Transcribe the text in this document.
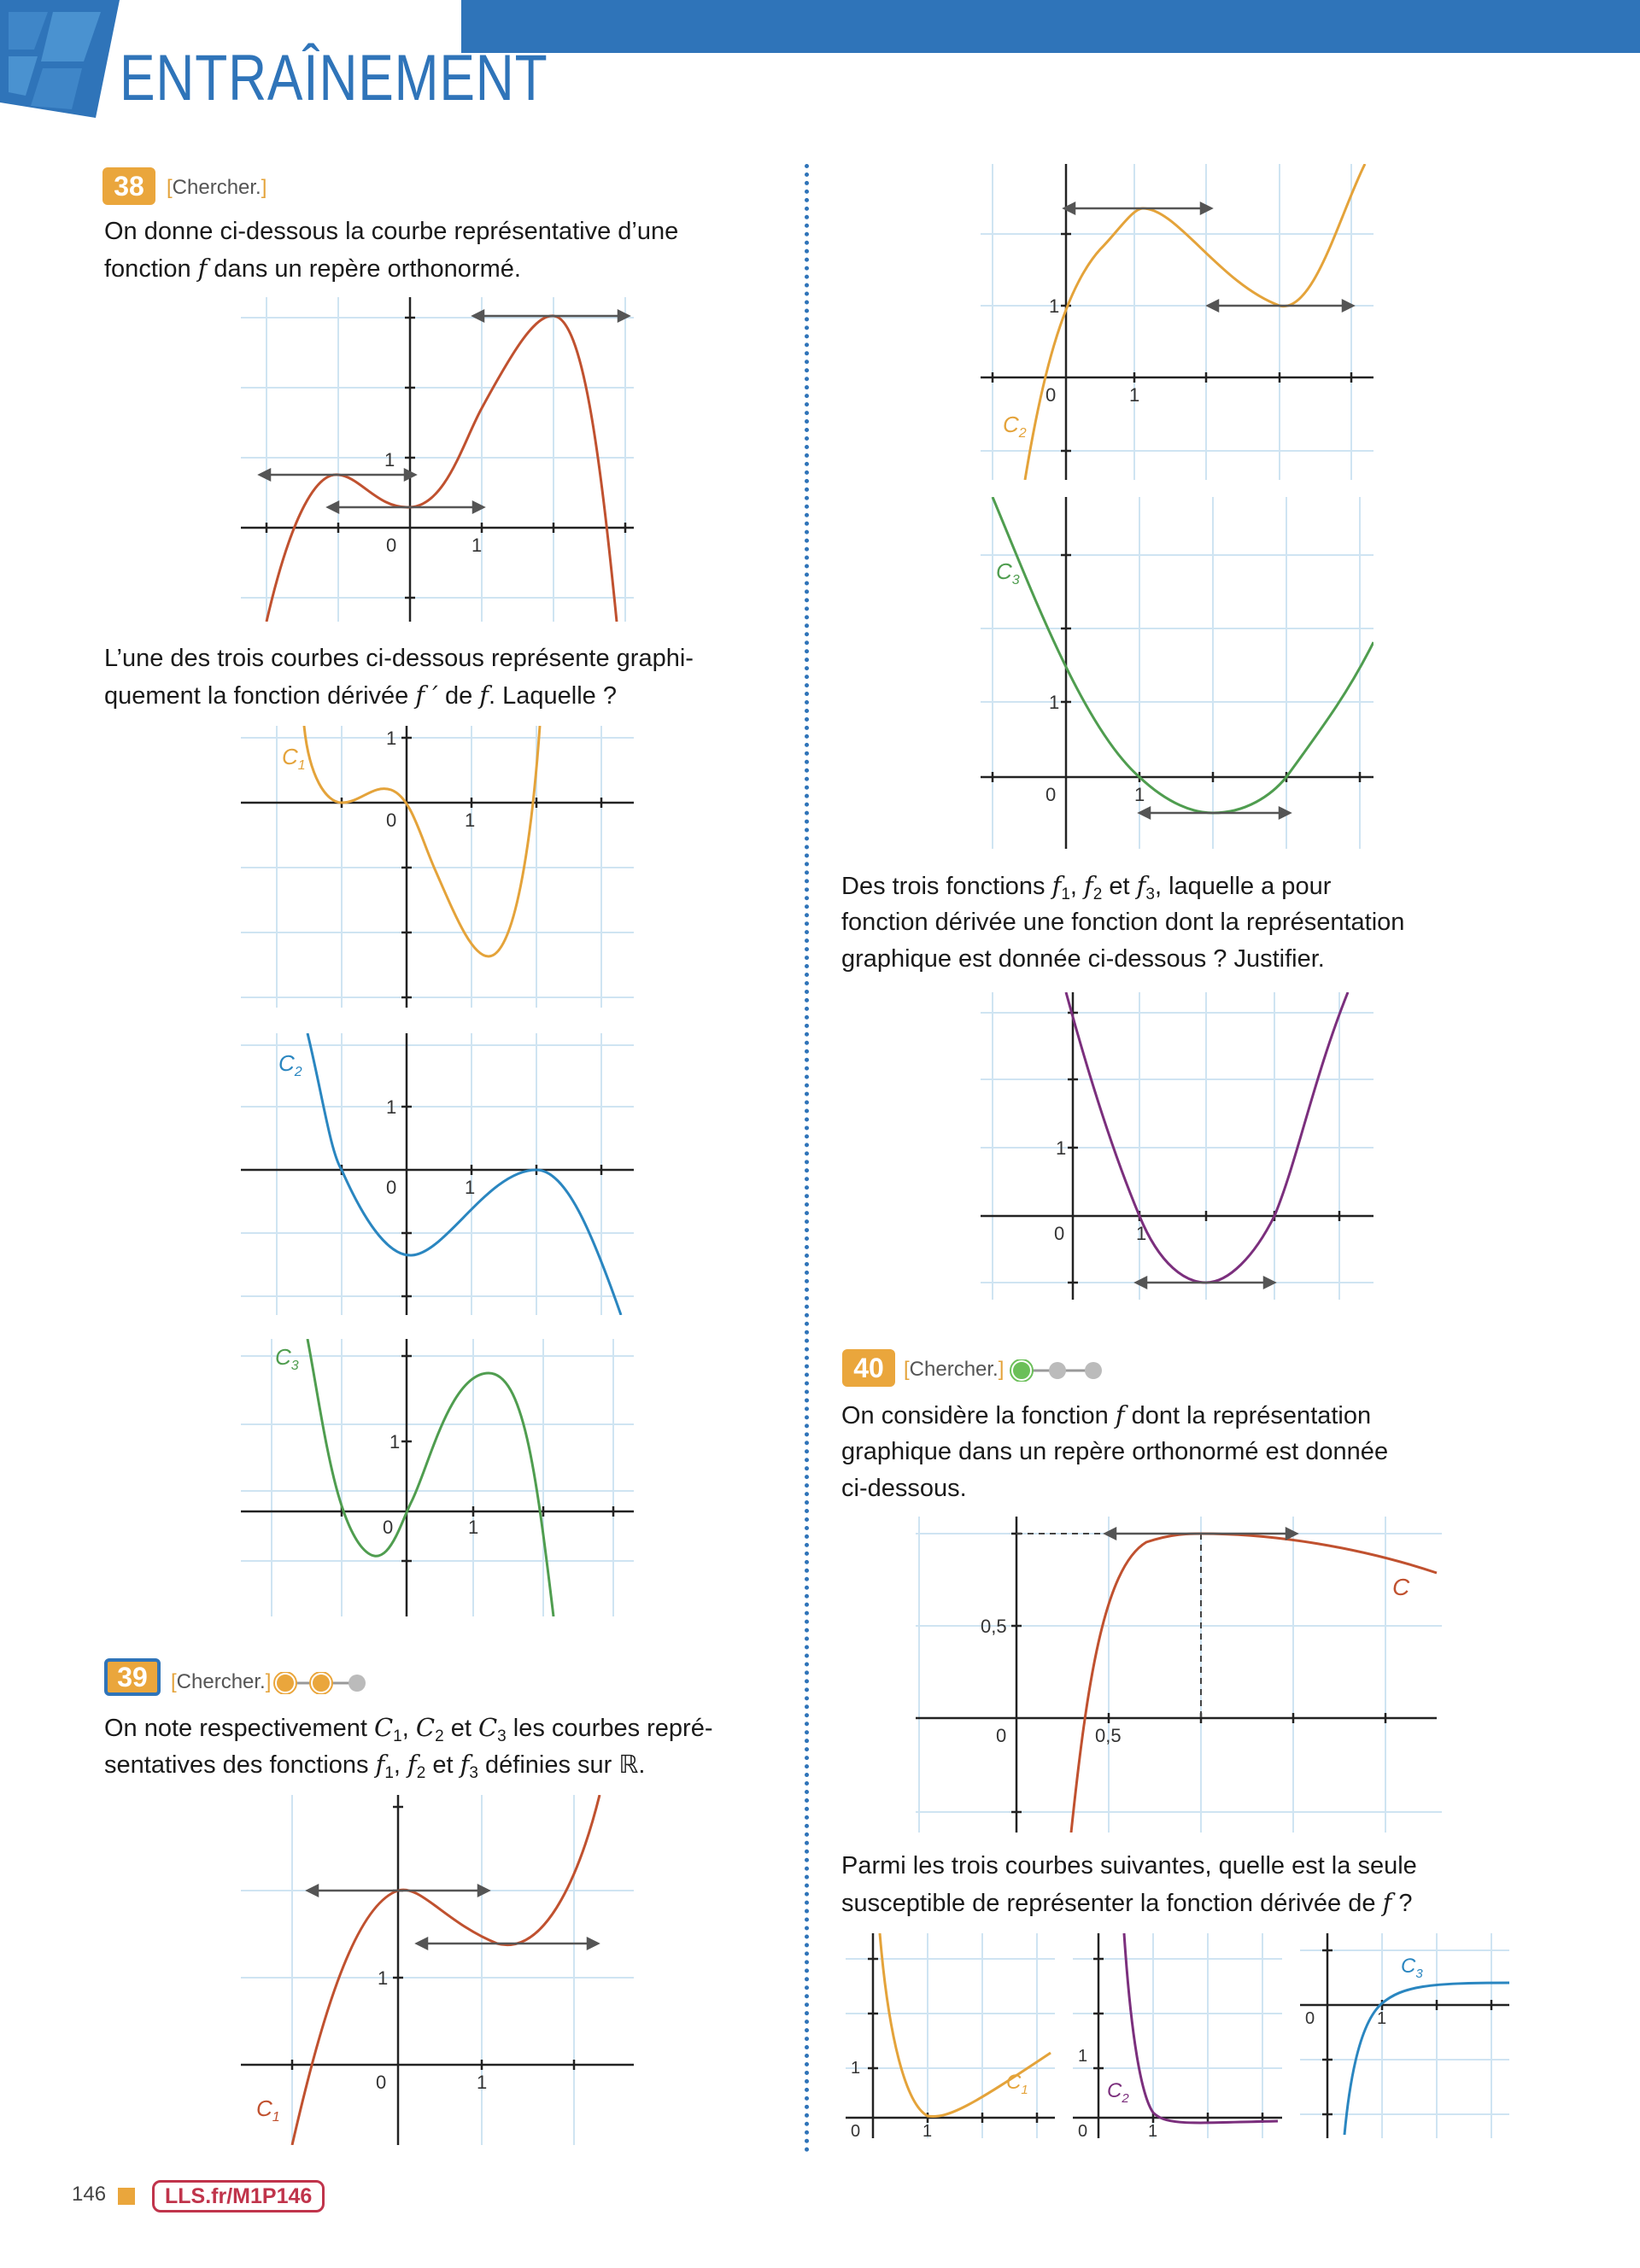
ENTRAÎNEMENT
38	[Chercher.]
On donne ci-dessous la courbe représentative d’une
fonction f dans un repère orthonormé.
0	1
1
L’une des trois courbes ci-dessous représente graphi-
quement la fonction dérivée f ′ de f. Laquelle ?
0	1
1
$C_1$
0	1
1
$C_2$
0	1
1
$C_3$
39	[Chercher.]
On note respectivement $C_1$, $C_2$ et $C_3$ les courbes repré-
sentatives des fonctions $f_1$, $f_2$ et $f_3$ définies sur ℝ.
0	1
1
$C_1$
0	1
1
$C_2$
0	1
1
$C_3$
Des trois fonctions $f_1$, $f_2$ et $f_3$, laquelle a pour
fonction dérivée une fonction dont la représentation
graphique est donnée ci-dessous ? Justifier.
0	1
1
40 [Chercher.]
On considère la fonction f dont la représentation
graphique dans un repère orthonormé est donnée
ci-dessous.
0	0,5
0,5
C
Parmi les trois courbes suivantes, quelle est la seule
susceptible de représenter la fonction dérivée de f ?
0	1
1
$C_1$
0	1
1
$C_2$
0	1
$C_3$
146	LLS.fr/M1P146
